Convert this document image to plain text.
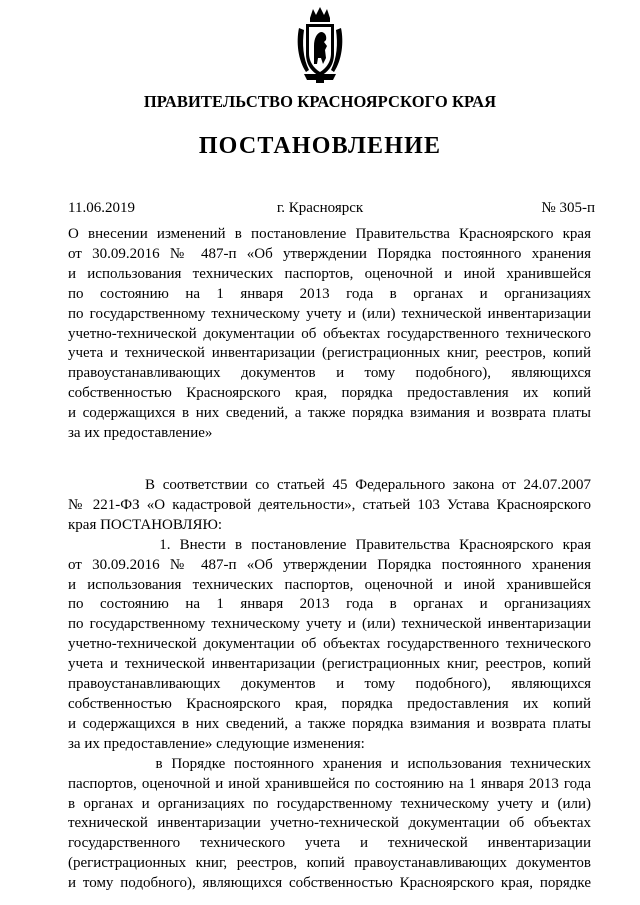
ПРАВИТЕЛЬСТВО КРАСНОЯРСКОГО КРАЯ
ПОСТАНОВЛЕНИЕ
11.06.2019	г. Красноярск	№ 305-п
О внесении изменений в постановление Правительства Красноярского края
от 30.09.2016 № 487-п «Об утверждении Порядка постоянного хранения
и использования технических паспортов, оценочной и иной хранившейся
по состоянию на 1 января 2013 года в органах и организациях
по государственному техническому учету и (или) технической инвентаризации
учетно-технической документации об объектах государственного технического
учета и технической инвентаризации (регистрационных книг, реестров, копий
правоустанавливающих документов и тому подобного), являющихся
собственностью Красноярского края, порядка предоставления их копий
и содержащихся в них сведений, а также порядка взимания и возврата платы
за их предоставление»
В соответствии со статьей 45 Федерального закона от 24.07.2007
№ 221-ФЗ «О кадастровой деятельности», статьей 103 Устава Красноярского
края ПОСТАНОВЛЯЮ:
1. Внести в постановление Правительства Красноярского края
от 30.09.2016 № 487-п «Об утверждении Порядка постоянного хранения
и использования технических паспортов, оценочной и иной хранившейся
по состоянию на 1 января 2013 года в органах и организациях
по государственному техническому учету и (или) технической инвентаризации
учетно-технической документации об объектах государственного технического
учета и технической инвентаризации (регистрационных книг, реестров, копий
правоустанавливающих документов и тому подобного), являющихся
собственностью Красноярского края, порядка предоставления их копий
и содержащихся в них сведений, а также порядка взимания и возврата платы
за их предоставление» следующие изменения:
в Порядке постоянного хранения и использования технических
паспортов, оценочной и иной хранившейся по состоянию на 1 января 2013 года
в органах и организациях по государственному техническому учету и (или)
технической инвентаризации учетно-технической документации об объектах
государственного технического учета и технической инвентаризации
(регистрационных книг, реестров, копий правоустанавливающих документов
и тому подобного), являющихся собственностью Красноярского края, порядке
